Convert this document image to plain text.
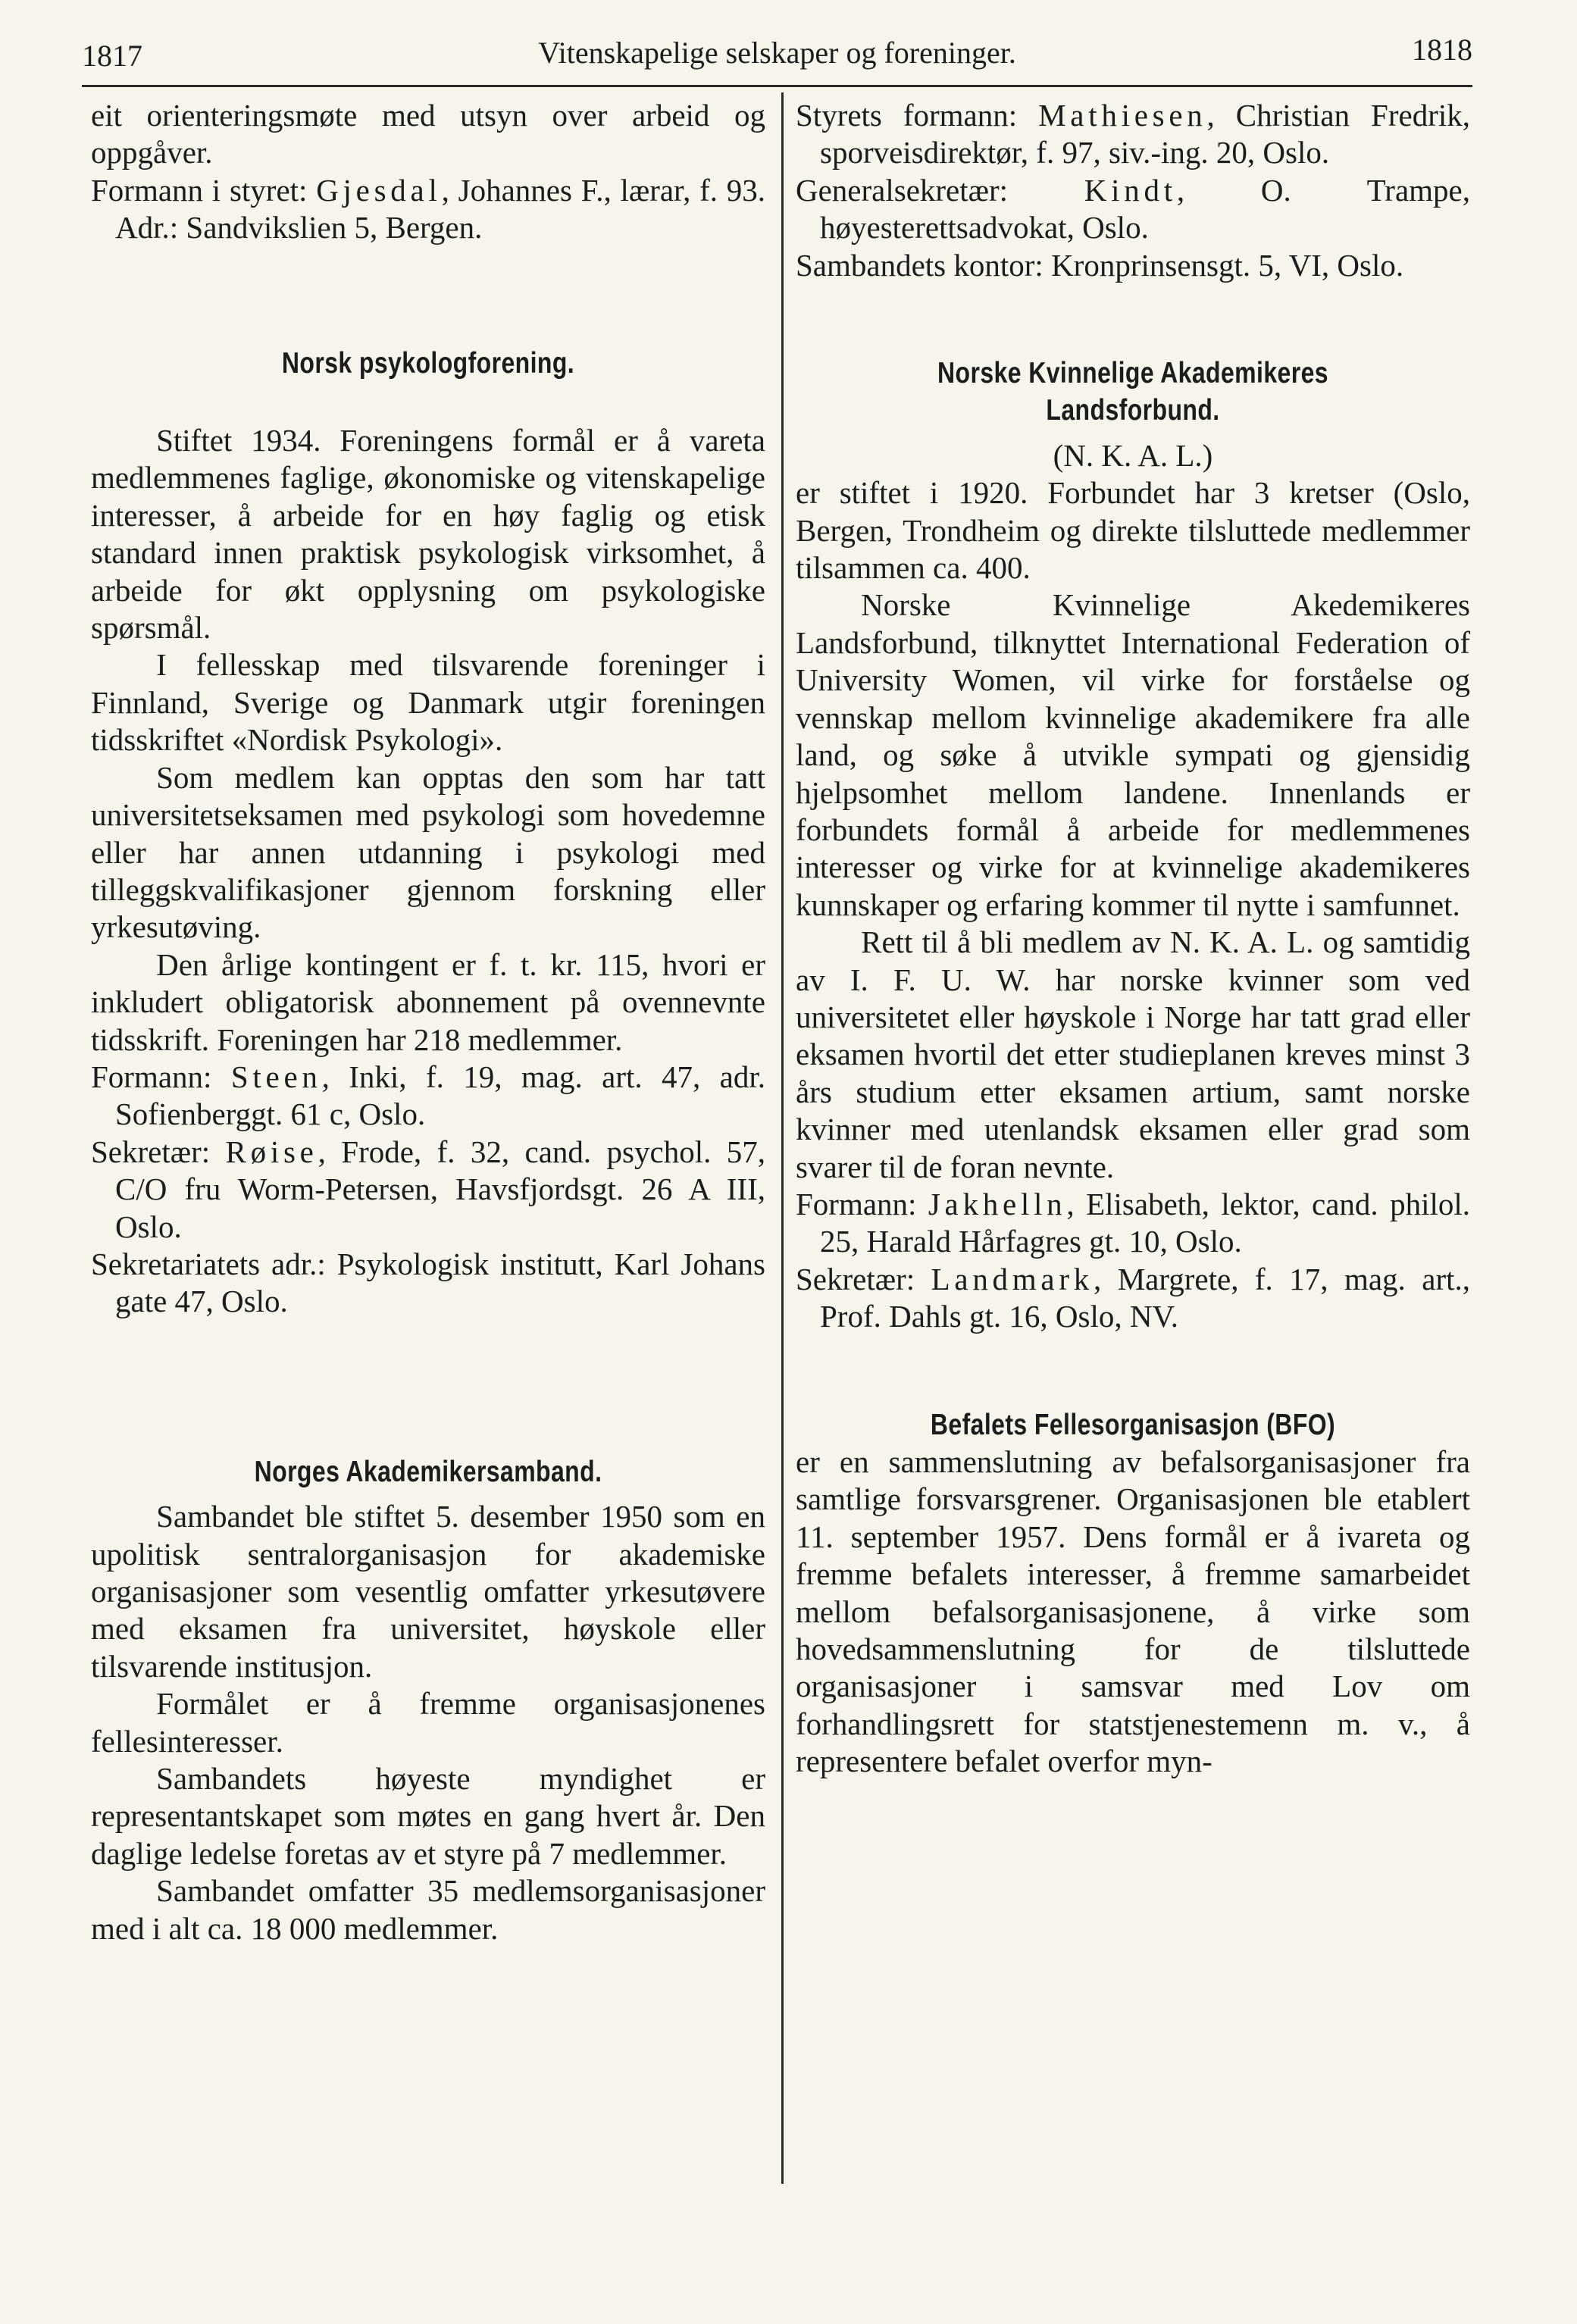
1817	Vitenskapelige selskaper og foreninger.	1818

eit orienteringsmøte med utsyn over arbeid og oppgåver.

Formann i styret: Gjesdal, Johannes F., lærar, f. 93. Adr.: Sandvikslien 5, Bergen.

Norsk psykologforening.

Stiftet 1934. Foreningens formål er å vareta medlemmenes faglige, økonomiske og vitenskapelige interesser, å arbeide for en høy faglig og etisk standard innen praktisk psykologisk virksomhet, å arbeide for økt opplysning om psykologiske spørsmål.

I fellesskap med tilsvarende foreninger i Finnland, Sverige og Danmark utgir foreningen tidsskriftet «Nordisk Psykologi».

Som medlem kan opptas den som har tatt universitetseksamen med psykologi som hovedemne eller har annen utdanning i psykologi med tilleggskvalifikasjoner gjennom forskning eller yrkesutøving.

Den årlige kontingent er f. t. kr. 115, hvori er inkludert obligatorisk abonnement på ovennevnte tidsskrift. Foreningen har 218 medlemmer.

Formann: Steen, Inki, f. 19, mag. art. 47, adr. Sofienberggt. 61 c, Oslo.

Sekretær: Røise, Frode, f. 32, cand. psychol. 57, C/O fru Worm-Petersen, Havsfjordsgt. 26 A III, Oslo.

Sekretariatets adr.: Psykologisk institutt, Karl Johans gate 47, Oslo.

Norges Akademikersamband.

Sambandet ble stiftet 5. desember 1950 som en upolitisk sentralorganisasjon for akademiske organisasjoner som vesentlig omfatter yrkesutøvere med eksamen fra universitet, høyskole eller tilsvarende institusjon.

Formålet er å fremme organisasjonenes fellesinteresser.

Sambandets høyeste myndighet er representantskapet som møtes en gang hvert år. Den daglige ledelse foretas av et styre på 7 medlemmer.

Sambandet omfatter 35 medlemsorganisasjoner med i alt ca. 18 000 medlemmer.

Styrets formann: Mathiesen, Christian Fredrik, sporveisdirektør, f. 97, siv.-ing. 20, Oslo.

Generalsekretær: Kindt, O. Trampe, høyesterettsadvokat, Oslo.

Sambandets kontor: Kronprinsensgt. 5, VI, Oslo.

Norske Kvinnelige Akademikeres
Landsforbund.

(N. K. A. L.)

er stiftet i 1920. Forbundet har 3 kretser (Oslo, Bergen, Trondheim og direkte tilsluttede medlemmer tilsammen ca. 400.

Norske Kvinnelige Akedemikeres Landsforbund, tilknyttet International Federation of University Women, vil virke for forståelse og vennskap mellom kvinnelige akademikere fra alle land, og søke å utvikle sympati og gjensidig hjelpsomhet mellom landene. Innenlands er forbundets formål å arbeide for medlemmenes interesser og virke for at kvinnelige akademikeres kunnskaper og erfaring kommer til nytte i samfunnet.

Rett til å bli medlem av N. K. A. L. og samtidig av I. F. U. W. har norske kvinner som ved universitetet eller høyskole i Norge har tatt grad eller eksamen hvortil det etter studieplanen kreves minst 3 års studium etter eksamen artium, samt norske kvinner med utenlandsk eksamen eller grad som svarer til de foran nevnte.

Formann: Jakhelln, Elisabeth, lektor, cand. philol. 25, Harald Hårfagres gt. 10, Oslo.

Sekretær: Landmark, Margrete, f. 17, mag. art., Prof. Dahls gt. 16, Oslo, NV.

Befalets Fellesorganisasjon (BFO)

er en sammenslutning av befalsorganisasjoner fra samtlige forsvarsgrener. Organisasjonen ble etablert 11. september 1957. Dens formål er å ivareta og fremme befalets interesser, å fremme samarbeidet mellom befalsorganisasjonene, å virke som hovedsammenslutning for de tilsluttede organisasjoner i samsvar med Lov om forhandlingsrett for statstjenestemenn m. v., å representere befalet overfor myn-
